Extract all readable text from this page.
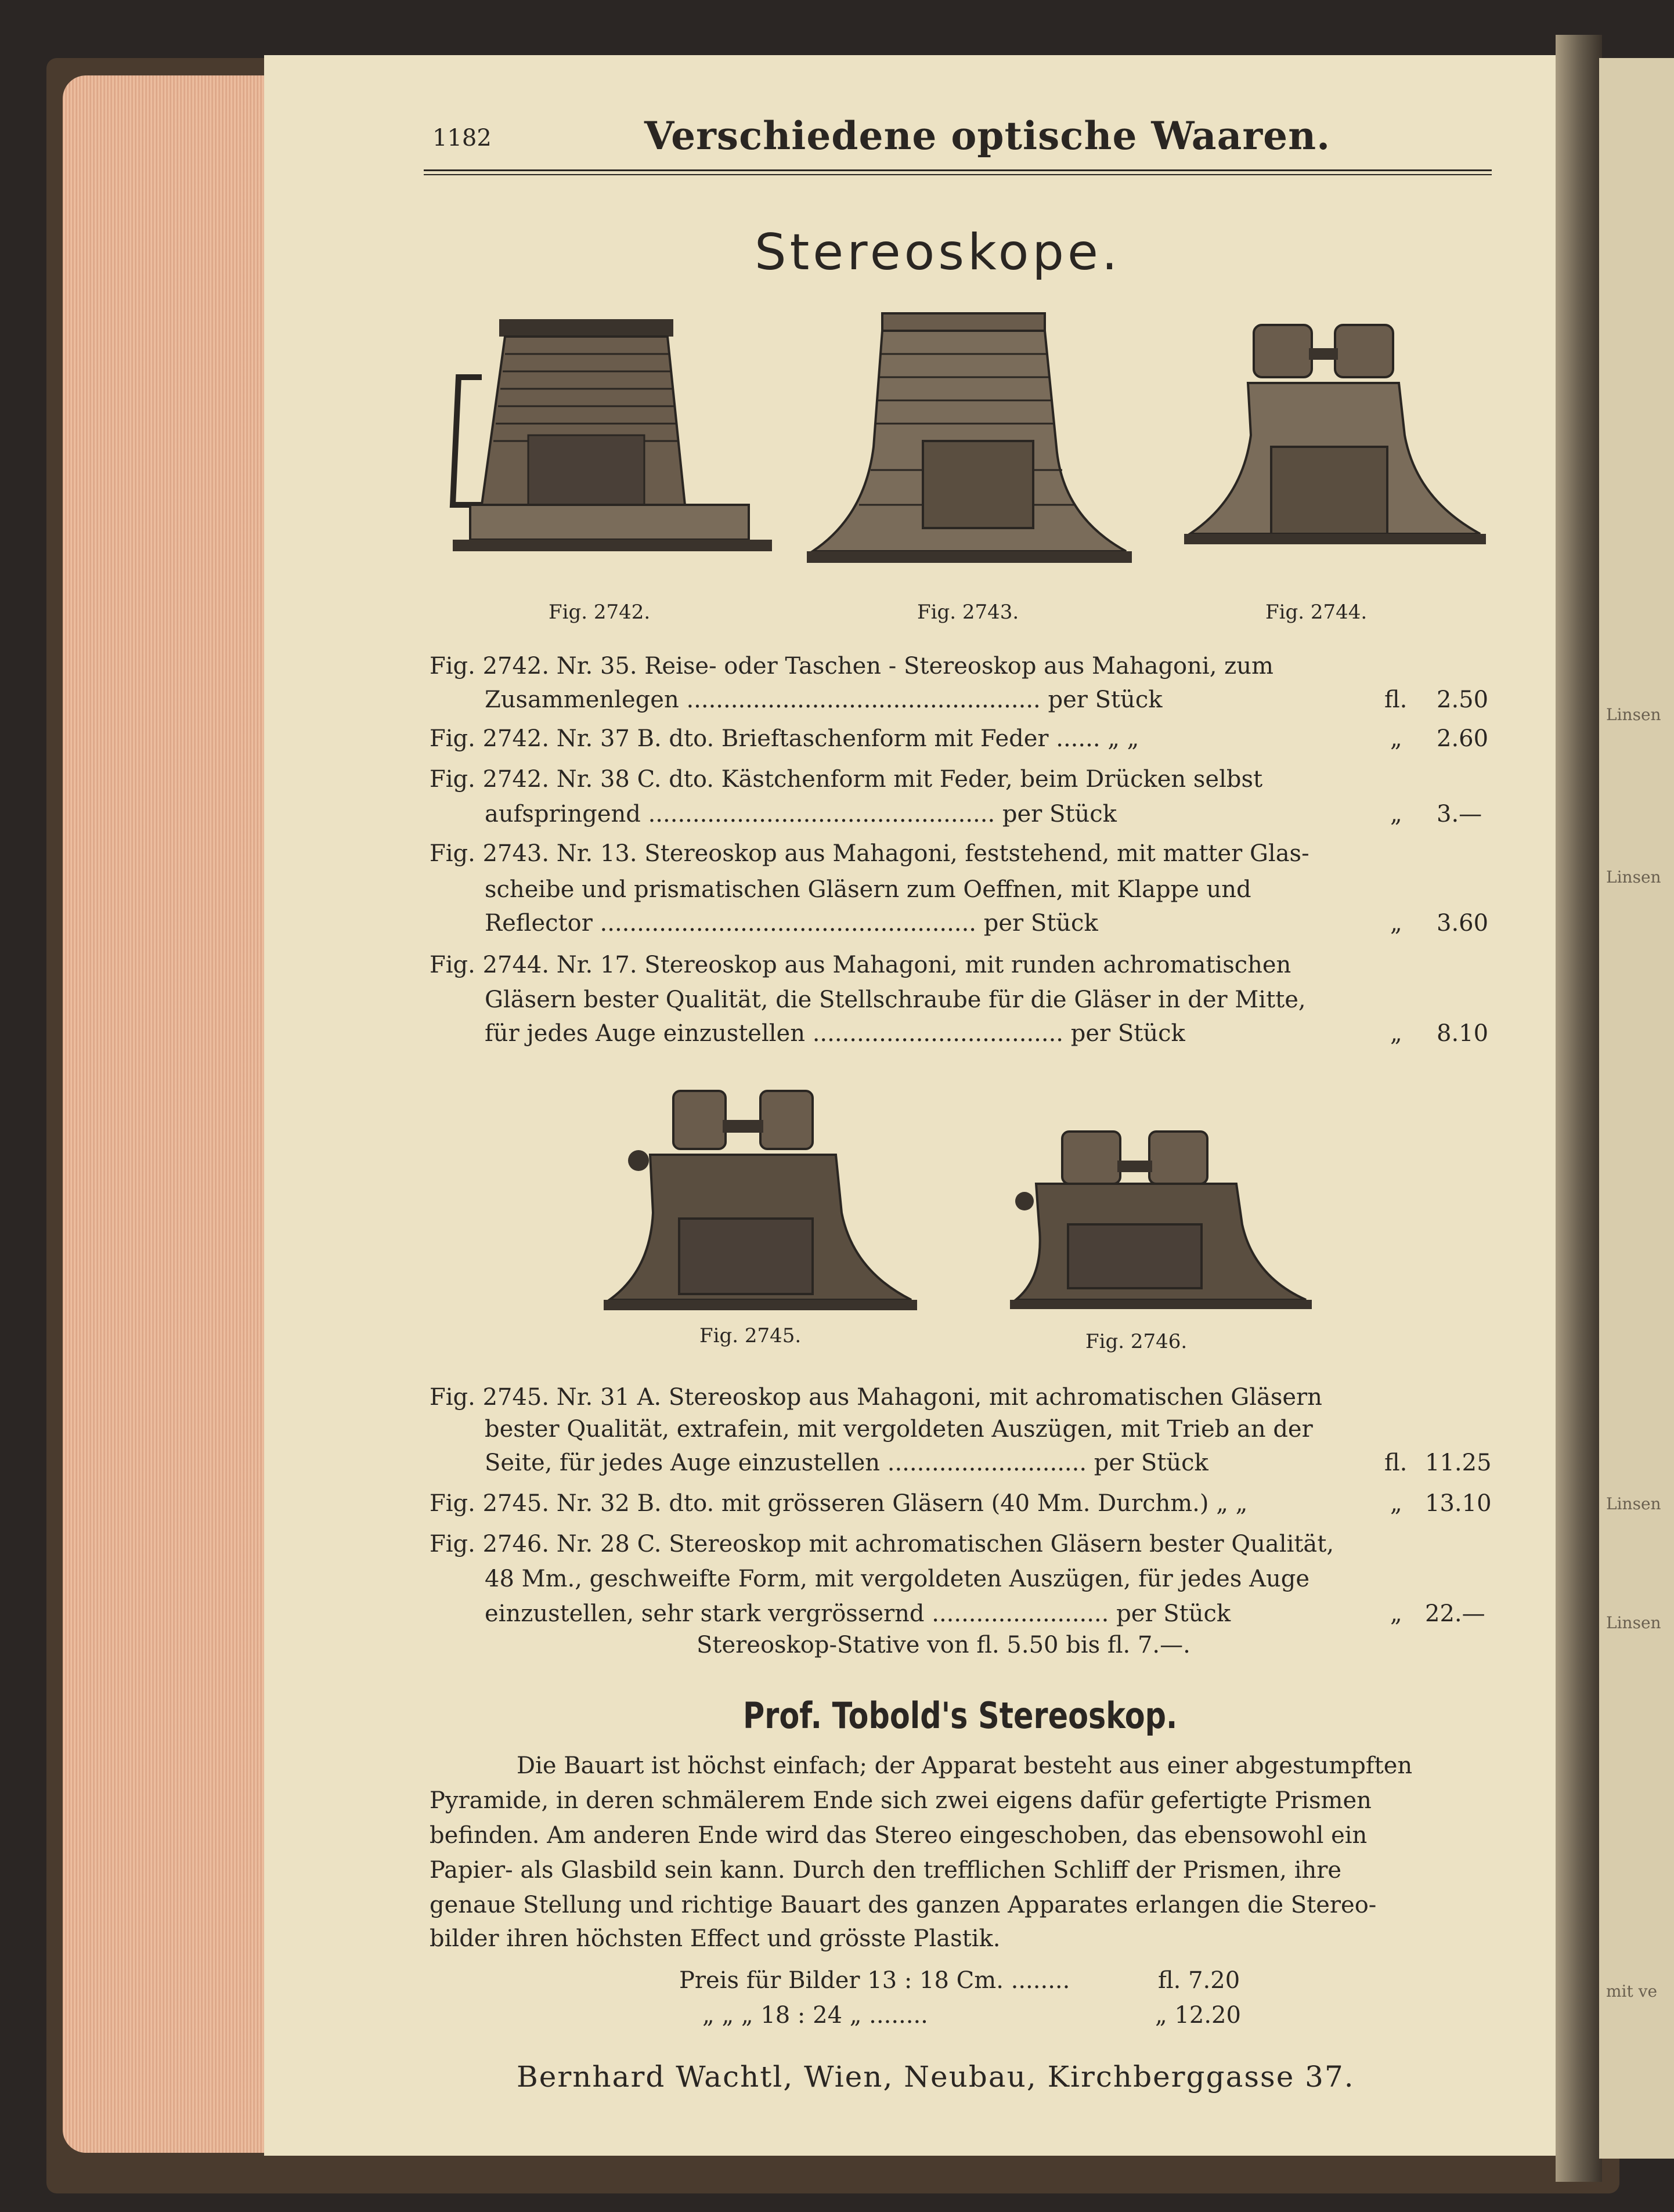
Linsen
Linsen
Linsen
Linsen
mit ve
1182	Verschiedene optische Waaren.
Stereoskope.
Fig. 2742.	Fig. 2743.	Fig. 2744.
Fig. 2742. Nr. 35. Reise- oder Taschen - Stereoskop aus Mahagoni, zum
Zusammenlegen ................................................ per Stück	fl. 2.50
Fig. 2742. Nr. 37 B. dto. Brieftaschenform mit Feder ...... „ „	„ 2.60
Fig. 2742. Nr. 38 C. dto. Kästchenform mit Feder, beim Drücken selbst
aufspringend ............................................... per Stück	„ 3.—
Fig. 2743. Nr. 13. Stereoskop aus Mahagoni, feststehend, mit matter Glas-
scheibe und prismatischen Gläsern zum Oeffnen, mit Klappe und
Reflector ................................................... per Stück	„ 3.60
Fig. 2744. Nr. 17. Stereoskop aus Mahagoni, mit runden achromatischen
Gläsern bester Qualität, die Stellschraube für die Gläser in der Mitte,
für jedes Auge einzustellen .................................. per Stück	„ 8.10
Fig. 2745.	Fig. 2746.
Fig. 2745. Nr. 31 A. Stereoskop aus Mahagoni, mit achromatischen Gläsern
bester Qualität, extrafein, mit vergoldeten Auszügen, mit Trieb an der
Seite, für jedes Auge einzustellen ........................... per Stück	fl. 11.25
Fig. 2745. Nr. 32 B. dto. mit grösseren Gläsern (40 Mm. Durchm.) „ „	„ 13.10
Fig. 2746. Nr. 28 C. Stereoskop mit achromatischen Gläsern bester Qualität,
48 Mm., geschweifte Form, mit vergoldeten Auszügen, für jedes Auge
einzustellen, sehr stark vergrössernd ........................ per Stück	„ 22.—
Stereoskop-Stative von fl. 5.50 bis fl. 7.—.
Prof. Tobold's Stereoskop.
Die Bauart ist höchst einfach; der Apparat besteht aus einer abgestumpften
Pyramide, in deren schmälerem Ende sich zwei eigens dafür gefertigte Prismen
befinden. Am anderen Ende wird das Stereo eingeschoben, das ebensowohl ein
Papier- als Glasbild sein kann. Durch den trefflichen Schliff der Prismen, ihre
genaue Stellung und richtige Bauart des ganzen Apparates erlangen die Stereo-
bilder ihren höchsten Effect und grösste Plastik.
Preis für Bilder 13 : 18 Cm. ........	fl. 7.20
„ „ „ 18 : 24 „ ........	„ 12.20
Bernhard Wachtl, Wien, Neubau, Kirchberggasse 37.
